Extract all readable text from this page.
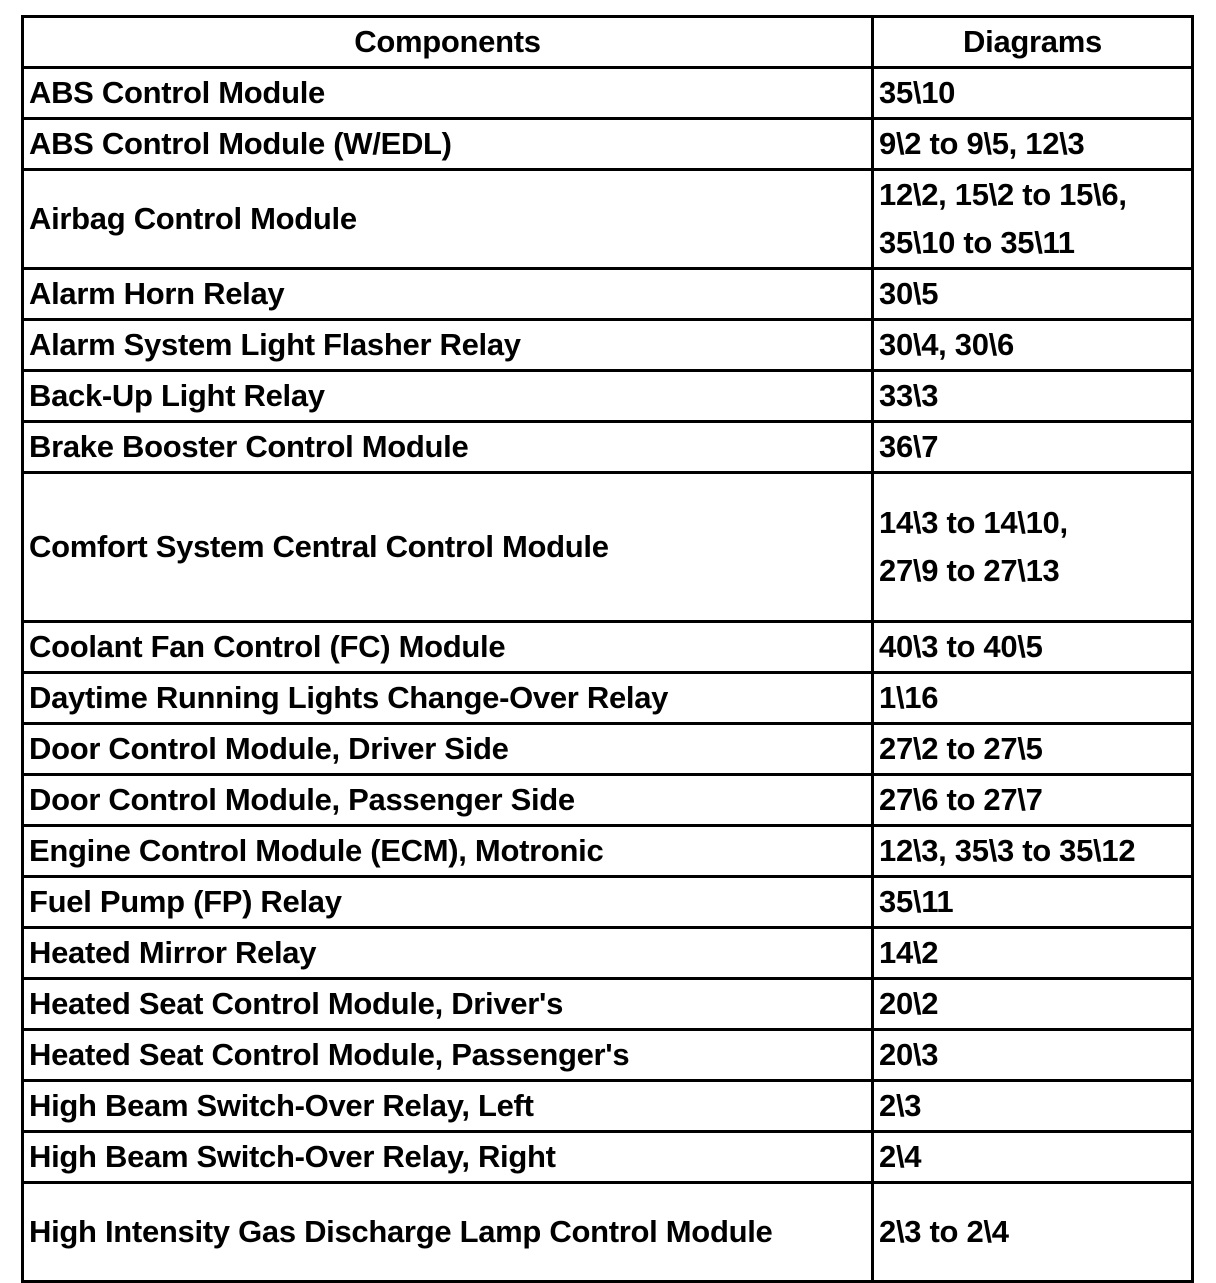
Components	Diagrams
ABS Control Module	35\10
ABS Control Module (W/EDL)	9\2 to 9\5, 12\3
Airbag Control Module	12\2, 15\2 to 15\6,
35\10 to 35\11
Alarm Horn Relay	30\5
Alarm System Light Flasher Relay	30\4, 30\6
Back-Up Light Relay	33\3
Brake Booster Control Module	36\7
Comfort System Central Control Module	14\3 to 14\10,
27\9 to 27\13
Coolant Fan Control (FC) Module	40\3 to 40\5
Daytime Running Lights Change-Over Relay	1\16
Door Control Module, Driver Side	27\2 to 27\5
Door Control Module, Passenger Side	27\6 to 27\7
Engine Control Module (ECM), Motronic	12\3, 35\3 to 35\12
Fuel Pump (FP) Relay	35\11
Heated Mirror Relay	14\2
Heated Seat Control Module, Driver's	20\2
Heated Seat Control Module, Passenger's	20\3
High Beam Switch-Over Relay, Left	2\3
High Beam Switch-Over Relay, Right	2\4
High Intensity Gas Discharge Lamp Control Module	2\3 to 2\4
